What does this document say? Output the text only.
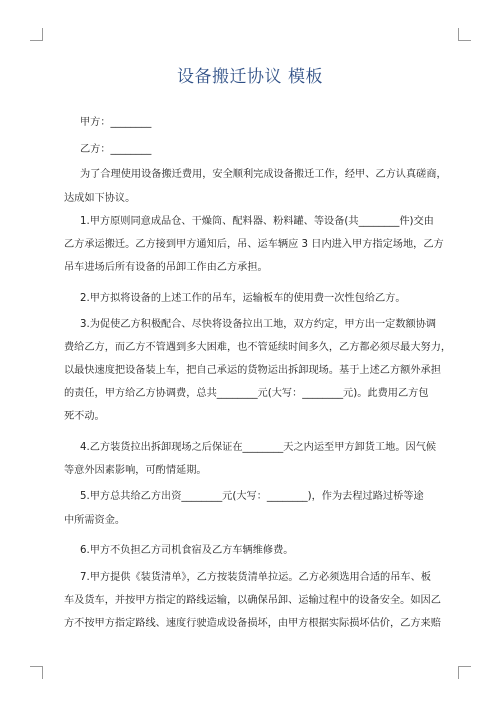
设备搬迁协议 模板
甲方：________
乙方：________
为了合理使用设备搬迁费用，安全顺利完成设备搬迁工作，经甲、乙方认真磋商，
达成如下协议。
1.甲方原则同意成品仓、干燥筒、配料器、粉料罐、等设备(共________件)交由
乙方承运搬迁。乙方接到甲方通知后，吊、运车辆应 3 日内进入甲方指定场地，乙方
吊车进场后所有设备的吊卸工作由乙方承担。
2.甲方拟将设备的上述工作的吊车，运输板车的使用费一次性包给乙方。
3.为促使乙方积极配合、尽快将设备拉出工地，双方约定，甲方出一定数额协调
费给乙方，而乙方不管遇到多大困难，也不管延续时间多久，乙方都必须尽最大努力，
以最快速度把设备装上车，把自己承运的货物运出拆卸现场。基于上述乙方额外承担
的责任，甲方给乙方协调费，总共________元(大写：________元)。此费用乙方包
死不动。
4.乙方装货拉出拆卸现场之后保证在________天之内运至甲方卸货工地。因气候
等意外因素影响，可酌情延期。
5.甲方总共给乙方出资________元(大写：________)，作为去程过路过桥等途
中所需资金。
6.甲方不负担乙方司机食宿及乙方车辆维修费。
7.甲方提供《装货清单》，乙方按装货清单拉运。乙方必须选用合适的吊车、板
车及货车，并按甲方指定的路线运输，以确保吊卸、运输过程中的设备安全。如因乙
方不按甲方指定路线、速度行驶造成设备损坏，由甲方根据实际损坏估价，乙方来赔
